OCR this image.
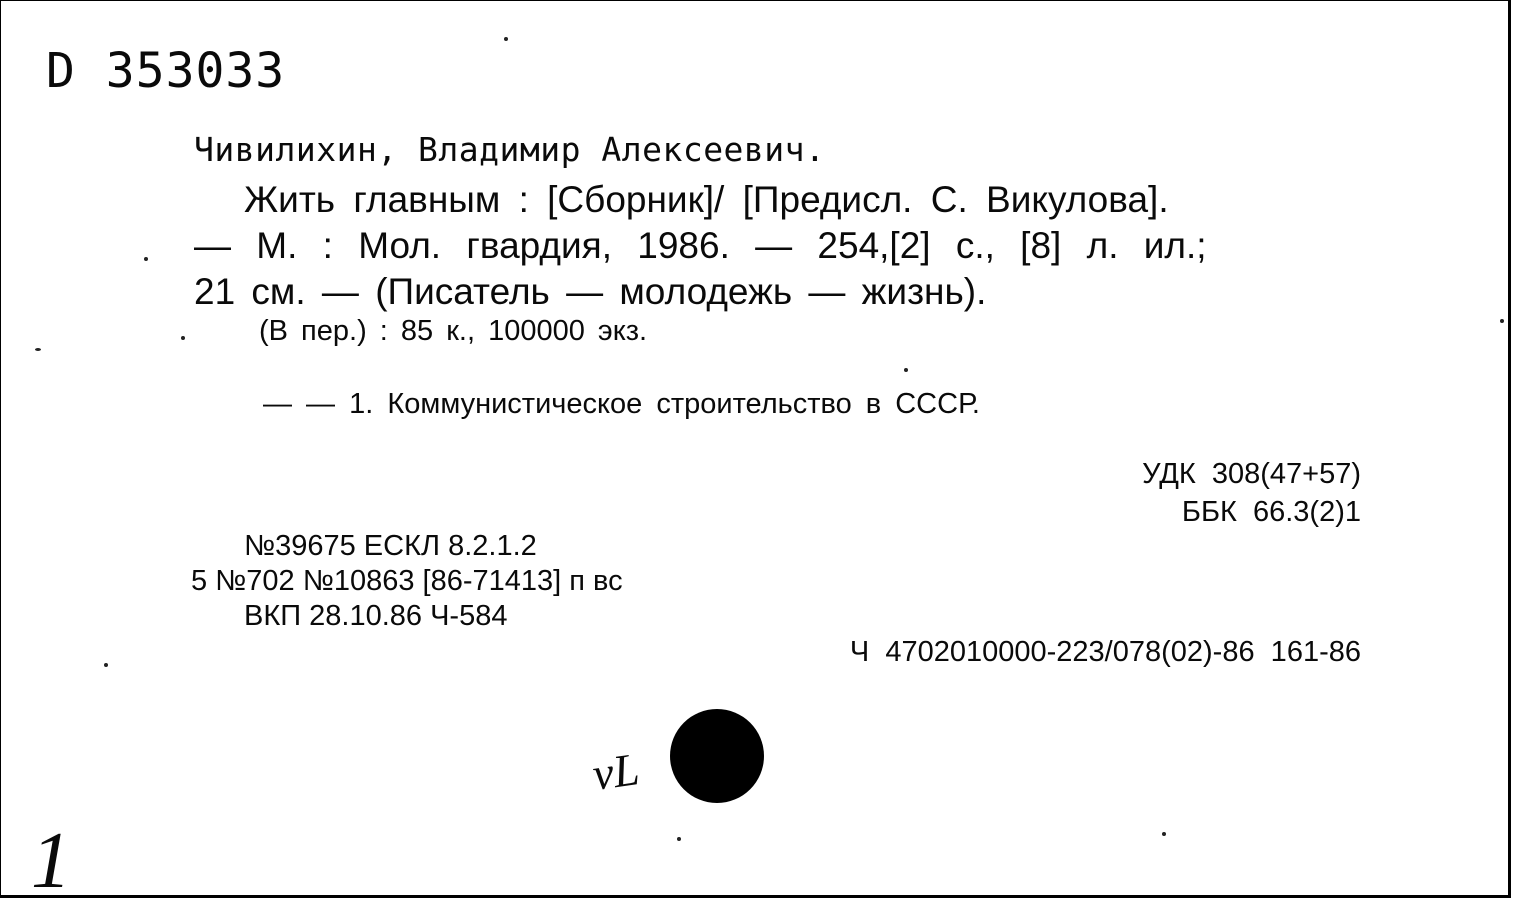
D 353033
Чивилихин, Владимир Алексеевич.
Жить главным : [Сборник]/ [Предисл. С. Викулова].
— М. : Мол. гвардия, 1986. — 254,[2] с., [8] л. ил.;
21 см. — (Писатель — молодежь — жизнь).
(В пер.) : 85 к., 100000 экз.
— — 1. Коммунистическое строительство в СССР.
УДК  308(47+57)
ББК  66.3(2)1
№39675 ЕСКЛ 8.2.1.2
5 №702 №10863 [86-71413] п вс
ВКП 28.10.86 Ч-584
Ч  4702010000-223/078(02)-86  161-86
vL
1
